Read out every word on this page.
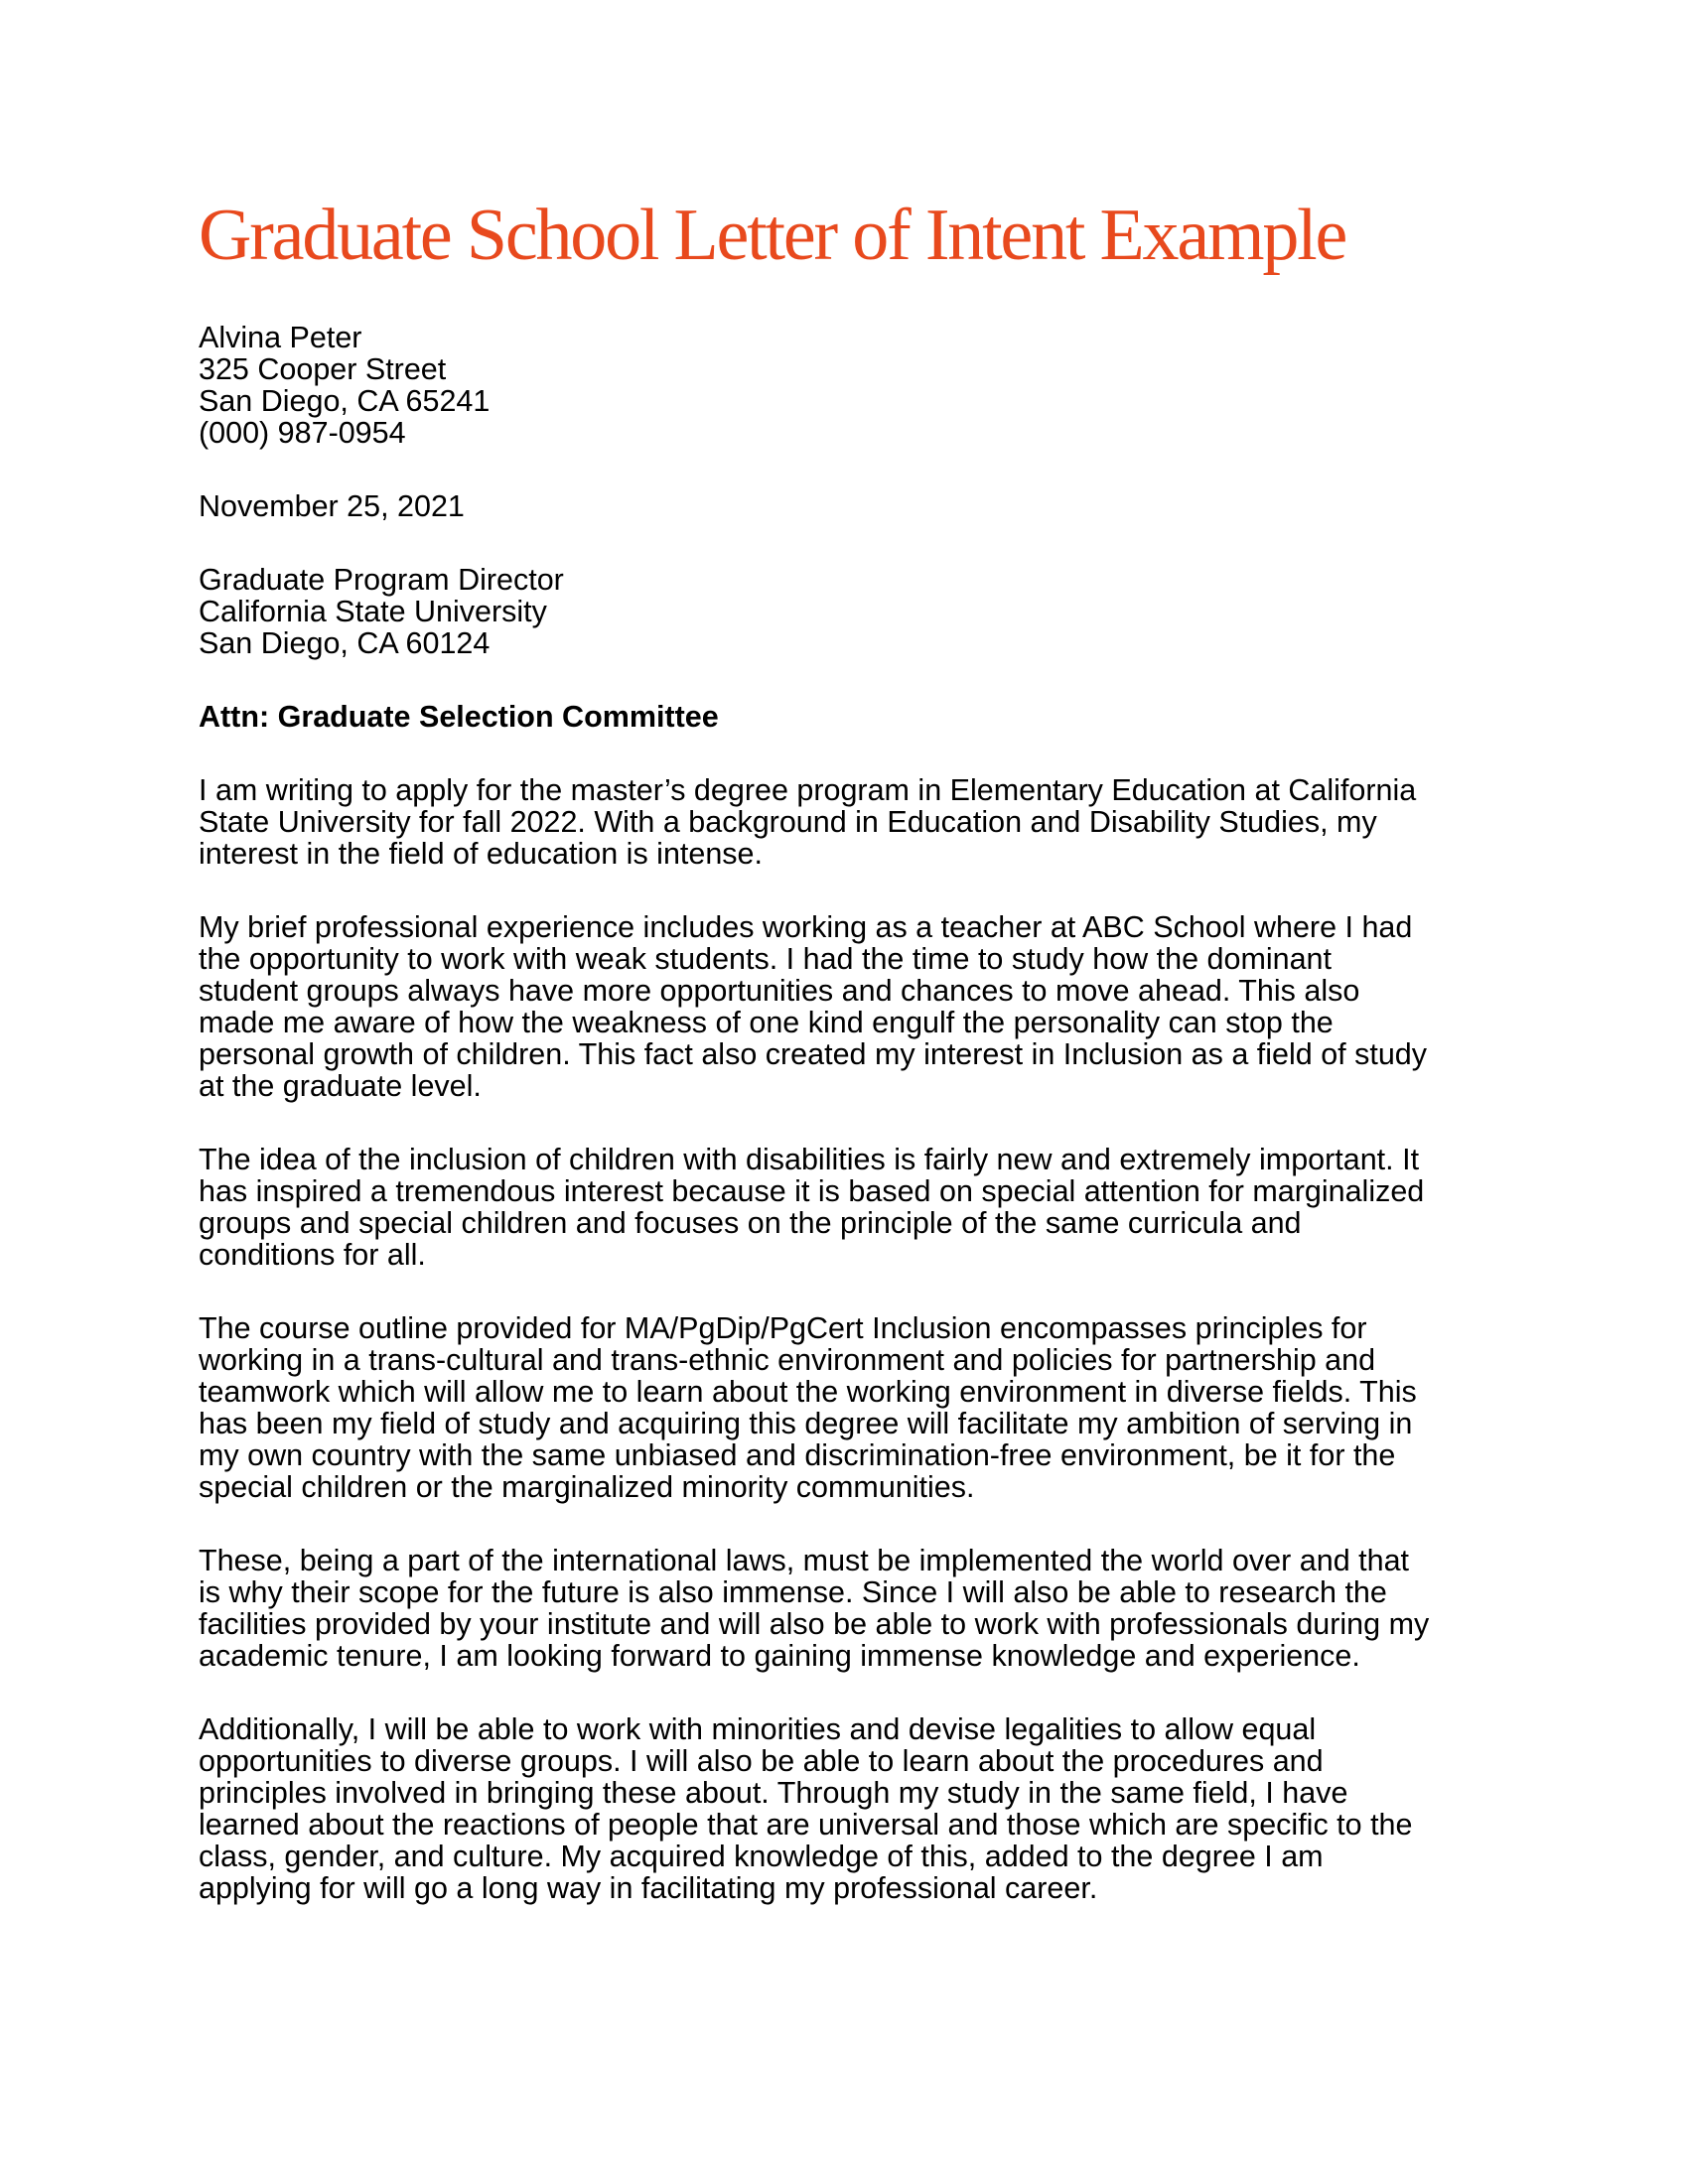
Graduate School Letter of Intent Example
Alvina Peter
325 Cooper Street
San Diego, CA 65241
(000) 987-0954
November 25, 2021
Graduate Program Director
California State University
San Diego, CA 60124
Attn: Graduate Selection Committee
I am writing to apply for the master’s degree program in Elementary Education at California
State University for fall 2022. With a background in Education and Disability Studies, my
interest in the field of education is intense.
My brief professional experience includes working as a teacher at ABC School where I had
the opportunity to work with weak students. I had the time to study how the dominant
student groups always have more opportunities and chances to move ahead. This also
made me aware of how the weakness of one kind engulf the personality can stop the
personal growth of children. This fact also created my interest in Inclusion as a field of study
at the graduate level.
The idea of the inclusion of children with disabilities is fairly new and extremely important. It
has inspired a tremendous interest because it is based on special attention for marginalized
groups and special children and focuses on the principle of the same curricula and
conditions for all.
The course outline provided for MA/PgDip/PgCert Inclusion encompasses principles for
working in a trans-cultural and trans-ethnic environment and policies for partnership and
teamwork which will allow me to learn about the working environment in diverse fields. This
has been my field of study and acquiring this degree will facilitate my ambition of serving in
my own country with the same unbiased and discrimination-free environment, be it for the
special children or the marginalized minority communities.
These, being a part of the international laws, must be implemented the world over and that
is why their scope for the future is also immense. Since I will also be able to research the
facilities provided by your institute and will also be able to work with professionals during my
academic tenure, I am looking forward to gaining immense knowledge and experience.
Additionally, I will be able to work with minorities and devise legalities to allow equal
opportunities to diverse groups. I will also be able to learn about the procedures and
principles involved in bringing these about. Through my study in the same field, I have
learned about the reactions of people that are universal and those which are specific to the
class, gender, and culture. My acquired knowledge of this, added to the degree I am
applying for will go a long way in facilitating my professional career.
